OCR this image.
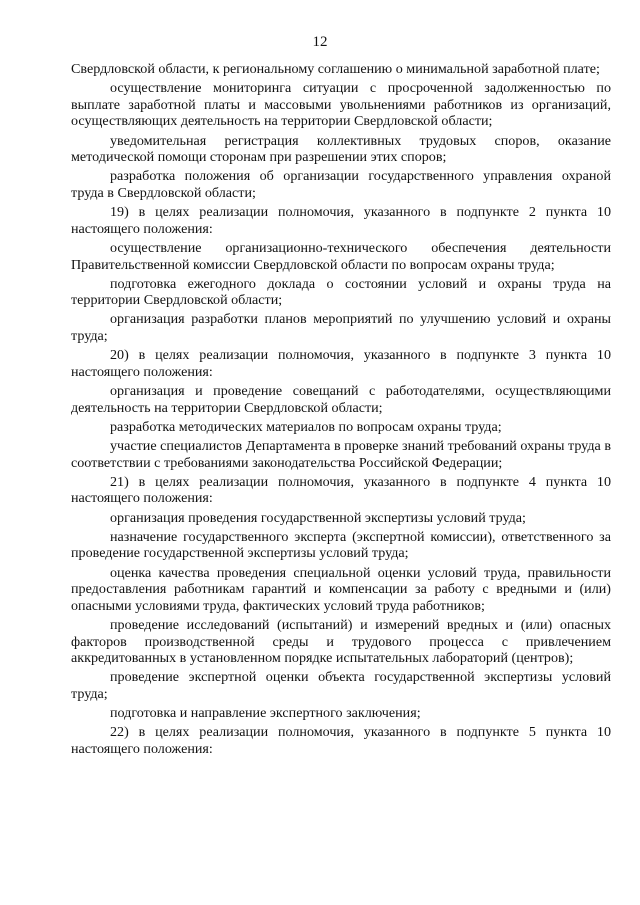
12

Свердловской области, к региональному соглашению о минимальной заработной плате;

осуществление мониторинга ситуации с просроченной задолженностью по выплате заработной платы и массовыми увольнениями работников из организаций, осуществляющих деятельность на территории Свердловской области;

уведомительная регистрация коллективных трудовых споров, оказание методической помощи сторонам при разрешении этих споров;

разработка положения об организации государственного управления охраной труда в Свердловской области;

19) в целях реализации полномочия, указанного в подпункте 2 пункта 10 настоящего положения:

осуществление организационно-технического обеспечения деятельности Правительственной комиссии Свердловской области по вопросам охраны труда;

подготовка ежегодного доклада о состоянии условий и охраны труда на территории Свердловской области;

организация разработки планов мероприятий по улучшению условий и охраны труда;

20) в целях реализации полномочия, указанного в подпункте 3 пункта 10 настоящего положения:

организация и проведение совещаний с работодателями, осуществляющими деятельность на территории Свердловской области;

разработка методических материалов по вопросам охраны труда;

участие специалистов Департамента в проверке знаний требований охраны труда в соответствии с требованиями законодательства Российской Федерации;

21) в целях реализации полномочия, указанного в подпункте 4 пункта 10 настоящего положения:

организация проведения государственной экспертизы условий труда;

назначение государственного эксперта (экспертной комиссии), ответственного за проведение государственной экспертизы условий труда;

оценка качества проведения специальной оценки условий труда, правильности предоставления работникам гарантий и компенсации за работу с вредными и (или) опасными условиями труда, фактических условий труда работников;

проведение исследований (испытаний) и измерений вредных и (или) опасных факторов производственной среды и трудового процесса с привлечением аккредитованных в установленном порядке испытательных лабораторий (центров);

проведение экспертной оценки объекта государственной экспертизы условий труда;

подготовка и направление экспертного заключения;

22) в целях реализации полномочия, указанного в подпункте 5 пункта 10 настоящего положения:
